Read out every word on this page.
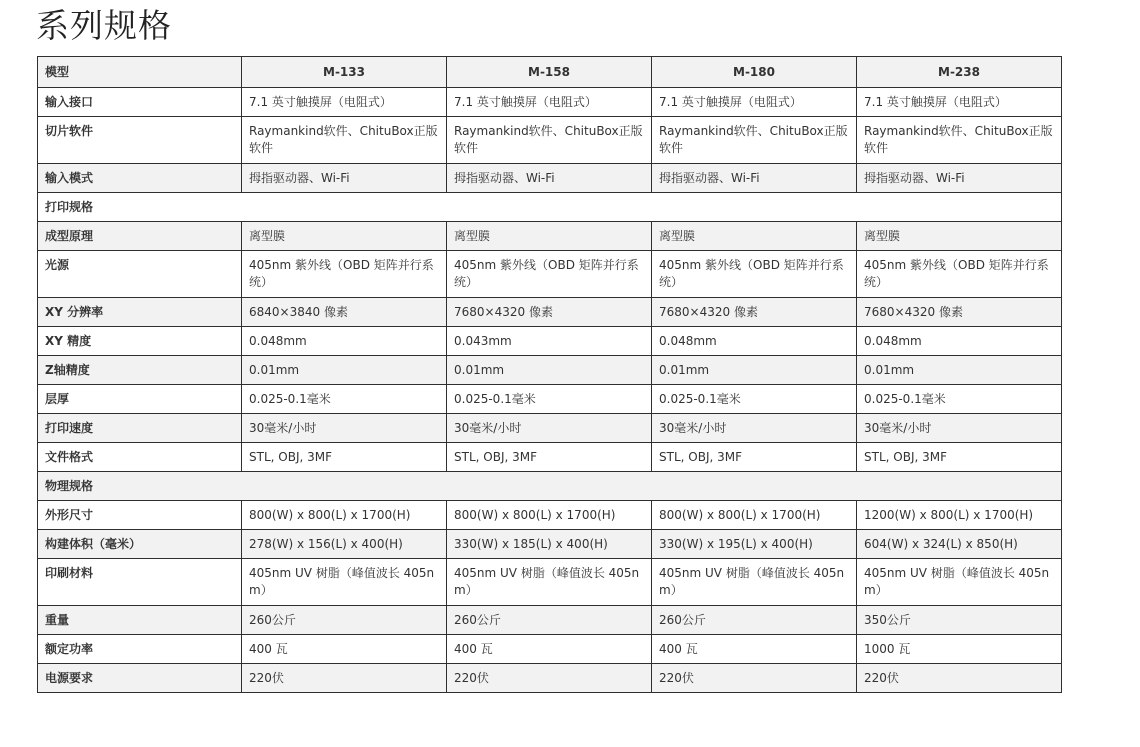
系列规格
模型	M-133	M-158	M-180	M-238
输入接口	7.1 英寸触摸屏（电阻式）	7.1 英寸触摸屏（电阻式）	7.1 英寸触摸屏（电阻式）	7.1 英寸触摸屏（电阻式）
切片软件	Raymankind软件、ChituBox正版软件	Raymankind软件、ChituBox正版软件	Raymankind软件、ChituBox正版软件	Raymankind软件、ChituBox正版软件
输入模式	拇指驱动器、Wi-Fi	拇指驱动器、Wi-Fi	拇指驱动器、Wi-Fi	拇指驱动器、Wi-Fi
打印规格				
成型原理	离型膜	离型膜	离型膜	离型膜
光源	405nm 紫外线（OBD 矩阵并行系统）	405nm 紫外线（OBD 矩阵并行系统）	405nm 紫外线（OBD 矩阵并行系统）	405nm 紫外线（OBD 矩阵并行系统）
XY 分辨率	6840×3840 像素	7680×4320 像素	7680×4320 像素	7680×4320 像素
XY 精度	0.048mm	0.043mm	0.048mm	0.048mm
Z轴精度	0.01mm	0.01mm	0.01mm	0.01mm
层厚	0.025-0.1毫米	0.025-0.1毫米	0.025-0.1毫米	0.025-0.1毫米
打印速度	30毫米/小时	30毫米/小时	30毫米/小时	30毫米/小时
文件格式	STL, OBJ, 3MF	STL, OBJ, 3MF	STL, OBJ, 3MF	STL, OBJ, 3MF
物理规格				
外形尺寸	800(W) x 800(L) x 1700(H)	800(W) x 800(L) x 1700(H)	800(W) x 800(L) x 1700(H)	1200(W) x 800(L) x 1700(H)
构建体积（毫米）	278(W) x 156(L) x 400(H)	330(W) x 185(L) x 400(H)	330(W) x 195(L) x 400(H)	604(W) x 324(L) x 850(H)
印刷材料	405nm UV 树脂（峰值波长 405nm）	405nm UV 树脂（峰值波长 405nm）	405nm UV 树脂（峰值波长 405nm）	405nm UV 树脂（峰值波长 405nm）
重量	260公斤	260公斤	260公斤	350公斤
额定功率	400 瓦	400 瓦	400 瓦	1000 瓦
电源要求	220伏	220伏	220伏	220伏
